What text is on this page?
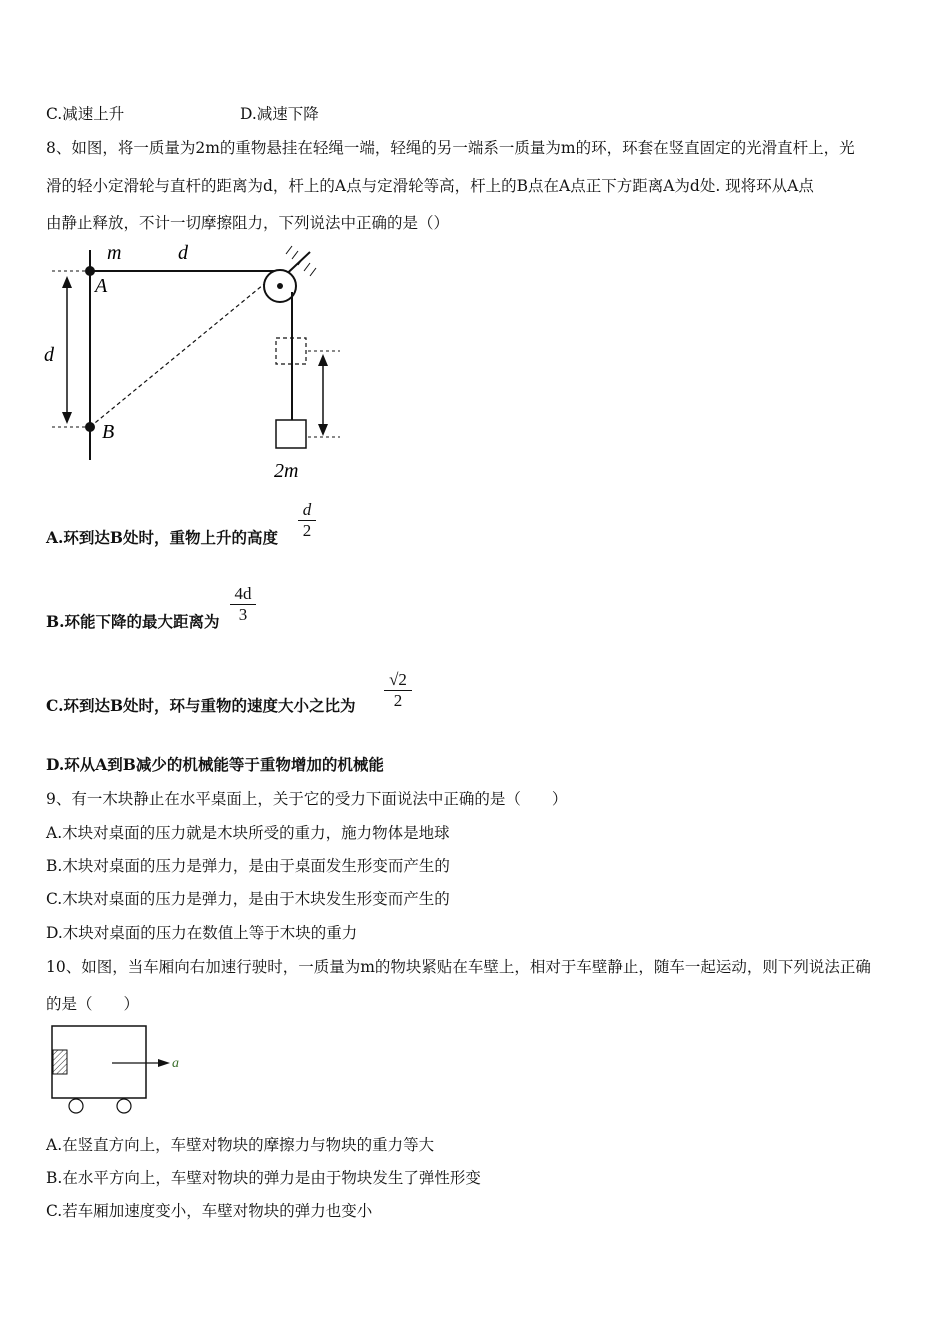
C.减速上升	D.减速下降
8、如图，将一质量为2m的重物悬挂在轻绳一端，轻绳的另一端系一质量为m的环，环套在竖直固定的光滑直杆上，光
滑的轻小定滑轮与直杆的距离为d，杆上的A点与定滑轮等高，杆上的B点在A点正下方距离A为d处. 现将环从A点
由静止释放，不计一切摩擦阻力，下列说法中正确的是（）
m	d
A
d
B
2m
A.环到达B处时，重物上升的高度
d
2
B.环能下降的最大距离为
4d
3
C.环到达B处时，环与重物的速度大小之比为
√2
2
D.环从A到B减少的机械能等于重物增加的机械能
9、有一木块静止在水平桌面上，关于它的受力下面说法中正确的是（　　）
A.木块对桌面的压力就是木块所受的重力，施力物体是地球
B.木块对桌面的压力是弹力，是由于桌面发生形变而产生的
C.木块对桌面的压力是弹力，是由于木块发生形变而产生的
D.木块对桌面的压力在数值上等于木块的重力
10、如图，当车厢向右加速行驶时，一质量为m的物块紧贴在车壁上，相对于车壁静止，随车一起运动，则下列说法正确
的是（　　）
a
A.在竖直方向上，车壁对物块的摩擦力与物块的重力等大
B.在水平方向上，车壁对物块的弹力是由于物块发生了弹性形变
C.若车厢加速度变小，车壁对物块的弹力也变小
